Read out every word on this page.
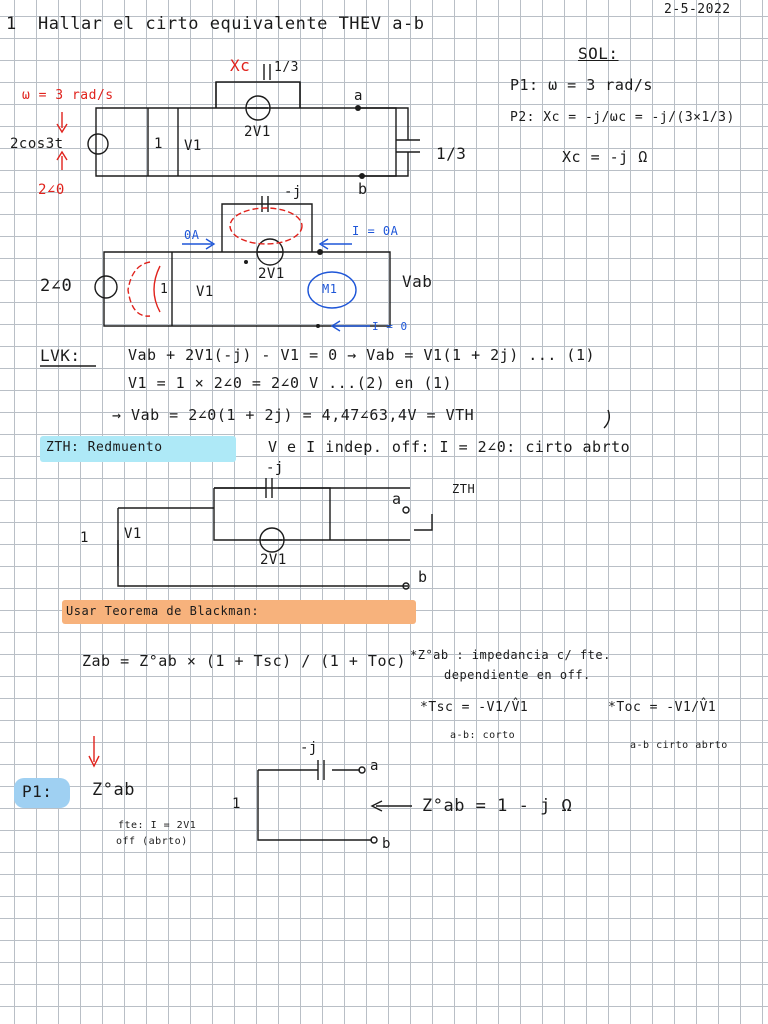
1 Hallar el cirto equivalente THEV a-b
2-5-2022
SOL:
P1: ω = 3 rad/s
P2: Xc = -j/ωc = -j/(3×1/3)
Xc = -j Ω
ω = 3 rad/s
2cos3t
2∠0
Xc 1/3
1/3
1 V1
2V1
a
b
-j
2∠0	1 V1
2V1
0A	I = 0A
I = 0
M1	Vab
LVK:	Vab + 2V1(-j) - V1 = 0 → Vab = V1(1 + 2j) ... (1)
V1 = 1 × 2∠0 = 2∠0 V ...(2) en (1)
→ Vab = 2∠0(1 + 2j) = 4,47∠63,4V = VTH
ZTH: Redmuento	V e I indep. off: I = 2∠0: cirto abrto
-j
1	V1
2V1
a
b
ZTH
Usar Teorema de Blackman:
Zab = Z°ab × (1 + Tsc) / (1 + Toc) *Z°ab : impedancia c/ fte.
dependiente en off.
*Tsc = -V1/V̂1
a-b: corto
*Toc = -V1/V̂1
a-b cirto abrto
P1: Z°ab
fte: I = 2V1
off (abrto)
-j
1
a
b
Z°ab = 1 - j Ω
